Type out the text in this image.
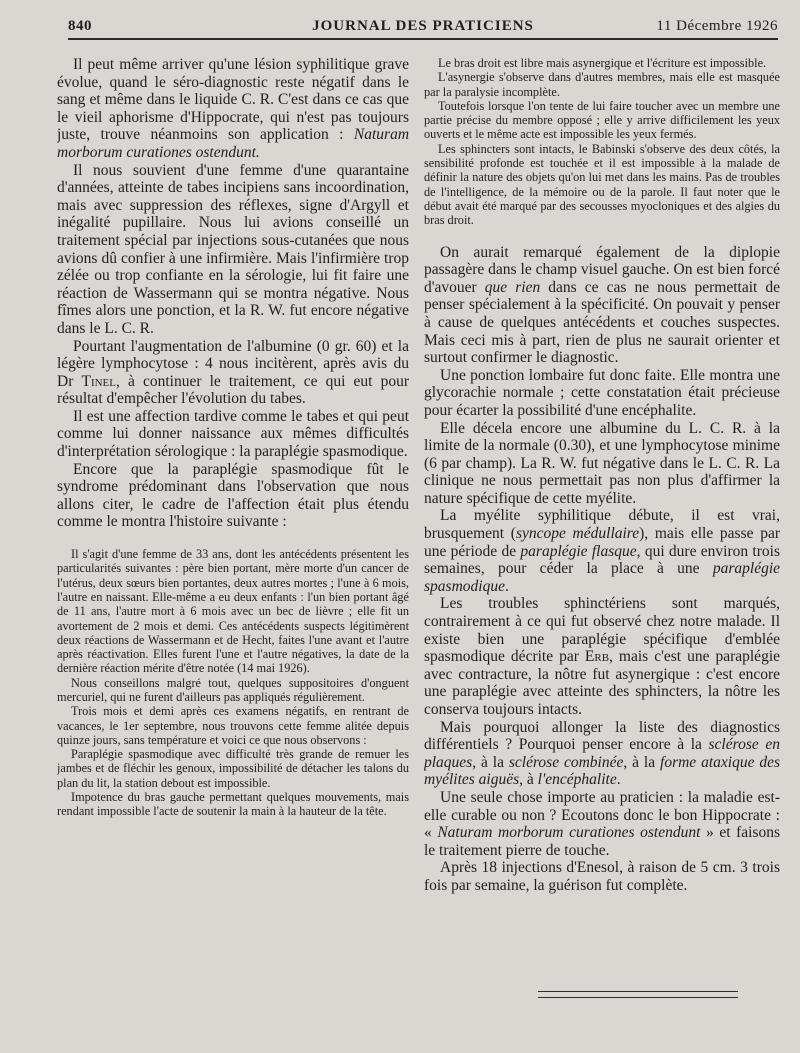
840	JOURNAL DES PRATICIENS	11 Décembre 1926

Il peut même arriver qu'une lésion syphilitique grave évolue, quand le séro-diagnostic reste négatif dans le sang et même dans le liquide C. R. C'est dans ce cas que le vieil aphorisme d'Hippocrate, qui n'est pas toujours juste, trouve néanmoins son application : Naturam morborum curationes ostendunt.

Il nous souvient d'une femme d'une quarantaine d'années, atteinte de tabes incipiens sans incoordination, mais avec suppression des réflexes, signe d'Argyll et inégalité pupillaire. Nous lui avions conseillé un traitement spécial par injections sous-cutanées que nous avions dû confier à une infirmière. Mais l'infirmière trop zélée ou trop confiante en la sérologie, lui fit faire une réaction de Wassermann qui se montra négative. Nous fîmes alors une ponction, et la R. W. fut encore négative dans le L. C. R.

Pourtant l'augmentation de l'albumine (0 gr. 60) et la légère lymphocytose : 4 nous incitèrent, après avis du Dr Tinel, à continuer le traitement, ce qui eut pour résultat d'empêcher l'évolution du tabes.

Il est une affection tardive comme le tabes et qui peut comme lui donner naissance aux mêmes difficultés d'interprétation sérologique : la paraplégie spasmodique.

Encore que la paraplégie spasmodique fût le syndrome prédominant dans l'observation que nous allons citer, le cadre de l'affection était plus étendu comme le montra l'histoire suivante :

Il s'agit d'une femme de 33 ans, dont les antécédents présentent les particularités suivantes : père bien portant, mère morte d'un cancer de l'utérus, deux sœurs bien portantes, deux autres mortes ; l'une à 6 mois, l'autre en naissant. Elle-même a eu deux enfants : l'un bien portant âgé de 11 ans, l'autre mort à 6 mois avec un bec de lièvre ; elle fit un avortement de 2 mois et demi. Ces antécédents suspects légitimèrent deux réactions de Wassermann et de Hecht, faites l'une avant et l'autre après réactivation. Elles furent l'une et l'autre négatives, la date de la dernière réaction mérite d'être notée (14 mai 1926).

Nous conseillons malgré tout, quelques suppositoires d'onguent mercuriel, qui ne furent d'ailleurs pas appliqués régulièrement.

Trois mois et demi après ces examens négatifs, en rentrant de vacances, le 1er septembre, nous trouvons cette femme alitée depuis quinze jours, sans température et voici ce que nous observons :

Paraplégie spasmodique avec difficulté très grande de remuer les jambes et de fléchir les genoux, impossibilité de détacher les talons du plan du lit, la station debout est impossible.

Impotence du bras gauche permettant quelques mouvements, mais rendant impossible l'acte de soutenir la main à la hauteur de la tête.

Le bras droit est libre mais asynergique et l'écriture est impossible.

L'asynergie s'observe dans d'autres membres, mais elle est masquée par la paralysie incomplète.

Toutefois lorsque l'on tente de lui faire toucher avec un membre une partie précise du membre opposé ; elle y arrive difficilement les yeux ouverts et le même acte est impossible les yeux fermés.

Les sphincters sont intacts, le Babinski s'observe des deux côtés, la sensibilité profonde est touchée et il est impossible à la malade de définir la nature des objets qu'on lui met dans les mains. Pas de troubles de l'intelligence, de la mémoire ou de la parole. Il faut noter que le début avait été marqué par des secousses myocloniques et des algies du bras droit.

On aurait remarqué également de la diplopie passagère dans le champ visuel gauche. On est bien forcé d'avouer que rien dans ce cas ne nous permettait de penser spécialement à la spécificité. On pouvait y penser à cause de quelques antécédents et couches suspectes. Mais ceci mis à part, rien de plus ne saurait orienter et surtout confirmer le diagnostic.

Une ponction lombaire fut donc faite. Elle montra une glycorachie normale ; cette constatation était précieuse pour écarter la possibilité d'une encéphalite.

Elle décela encore une albumine du L. C. R. à la limite de la normale (0.30), et une lymphocytose minime (6 par champ). La R. W. fut négative dans le L. C. R. La clinique ne nous permettait pas non plus d'affirmer la nature spécifique de cette myélite.

La myélite syphilitique débute, il est vrai, brusquement (syncope médullaire), mais elle passe par une période de paraplégie flasque, qui dure environ trois semaines, pour céder la place à une paraplégie spasmodique.

Les troubles sphinctériens sont marqués, contrairement à ce qui fut observé chez notre malade. Il existe bien une paraplégie spécifique d'emblée spasmodique décrite par Erb, mais c'est une paraplégie avec contracture, la nôtre fut asynergique : c'est encore une paraplégie avec atteinte des sphincters, la nôtre les conserva toujours intacts.

Mais pourquoi allonger la liste des diagnostics différentiels ? Pourquoi penser encore à la sclérose en plaques, à la sclérose combinée, à la forme ataxique des myélites aiguës, à l'encéphalite.

Une seule chose importe au praticien : la maladie est-elle curable ou non ? Ecoutons donc le bon Hippocrate : « Naturam morborum curationes ostendunt » et faisons le traitement pierre de touche.

Après 18 injections d'Enesol, à raison de 5 cm. 3 trois fois par semaine, la guérison fut complète.
